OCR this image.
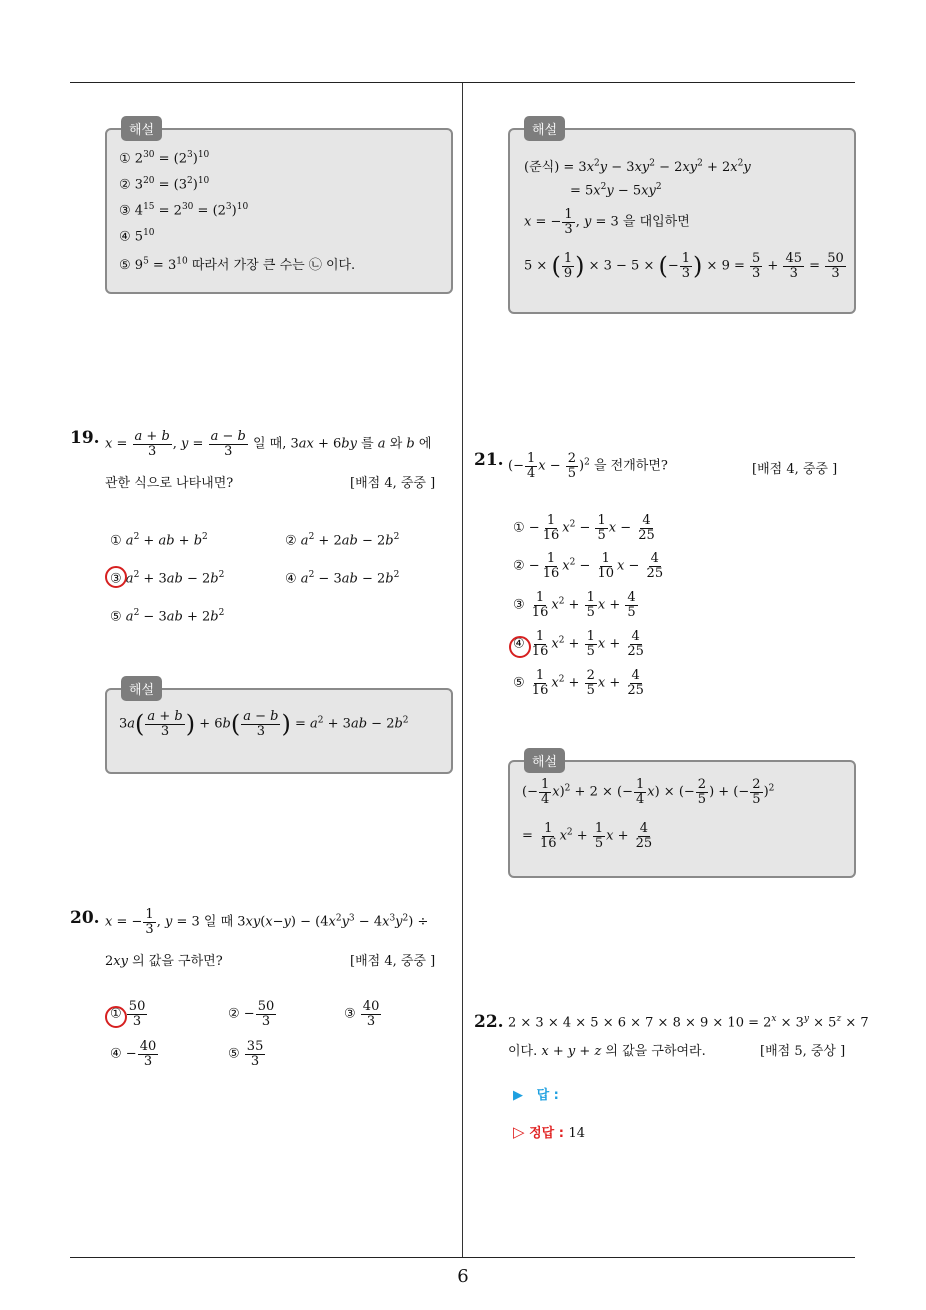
해설
① $2^{30} = (2^3)^{10}$
② $3^{20} = (3^2)^{10}$
③ $4^{15} = 2^{30} = (2^3)^{10}$
④ $5^{10}$
⑤ $9^5 = 3^{10}$ 따라서 가장 큰 수는 ㉡ 이다.
해설
(준식) = $3x^2y - 3xy^2 - 2xy^2 + 2x^2y$
= $5x^2y - 5xy^2$
x = − $\frac{1}{3}$ , y = 3 을 대입하면
5 × ( $\frac{1}{9}$ ) × 3 − 5 × (− $\frac{1}{3}$ ) × $9 = \frac{5}{3} + \frac{45}{3} = \frac{50}{3}$
19. $x = \frac{a + b}{3}$ , $y = \frac{a - b}{3}$ 일 때, 3ax + 6by 를 a 와 b 에
관한 식으로 나타내면?	[배점 4, 중중 ]
① $a^2$ + ab + $b^2$	② $a^2 + 2ab - 2b^2$
③ $a^2 + 3ab - 2b^2$	④ $a^2 - 3ab - 2b^2$
⑤ $a^2 - 3ab + 2b^2$
해설
$3a( \frac{a + b}{3}$ ) + $6b( \frac{a - b}{3}$ ) = $a^2 + 3ab - 2b^2$
20. x = − $\frac{1}{3}$ , y = 3 일 때 $3xy(x-y) - (4x^2y^3 - 4x^3y^2)$ ÷
2xy 의 값을 구하면?	[배점 4, 중중 ]
① $\frac{50}{3}$	② − $\frac{50}{3}$	③ $\frac{40}{3}$
④ − $\frac{40}{3}$	⑤ $\frac{35}{3}$
21. (− $\frac{1}{4}$ $x - \frac{2}{5} )^2$ 을 전개하면?	[배점 4, 중중 ]
① − $\frac{1}{16} x^2 - \frac{1}{5}$ $x - \frac{4}{25}$
② − $\frac{1}{16} x^2 - \frac{1}{10}$ $x - \frac{4}{25}$
③ $\frac{1}{16} x^2 + \frac{1}{5}$ $x + \frac{4}{5}$
④ $\frac{1}{16} x^2 + \frac{1}{5}$ $x + \frac{4}{25}$
⑤ $\frac{1}{16} x^2 + \frac{2}{5}$ $x + \frac{4}{25}$
해설
(− $\frac{1}{4} x)^2 + 2$ × (− $\frac{1}{4} x$) × (− $\frac{2}{5}$ ) + (− $\frac{2}{5} )^2$
= $\frac{1}{16} x^2 + \frac{1}{5}$ $x + \frac{4}{25}$
22. $2 \times 3 \times 4 \times 5 \times 6 \times 7 \times 8 \times 9 \times 10 = 2^x \times 3^y \times 5^z \times 7$
이다. x + y + z 의 값을 구하여라.	[배점 5, 중상 ]
▶ 답 :
▷ 정답 : 14
6
